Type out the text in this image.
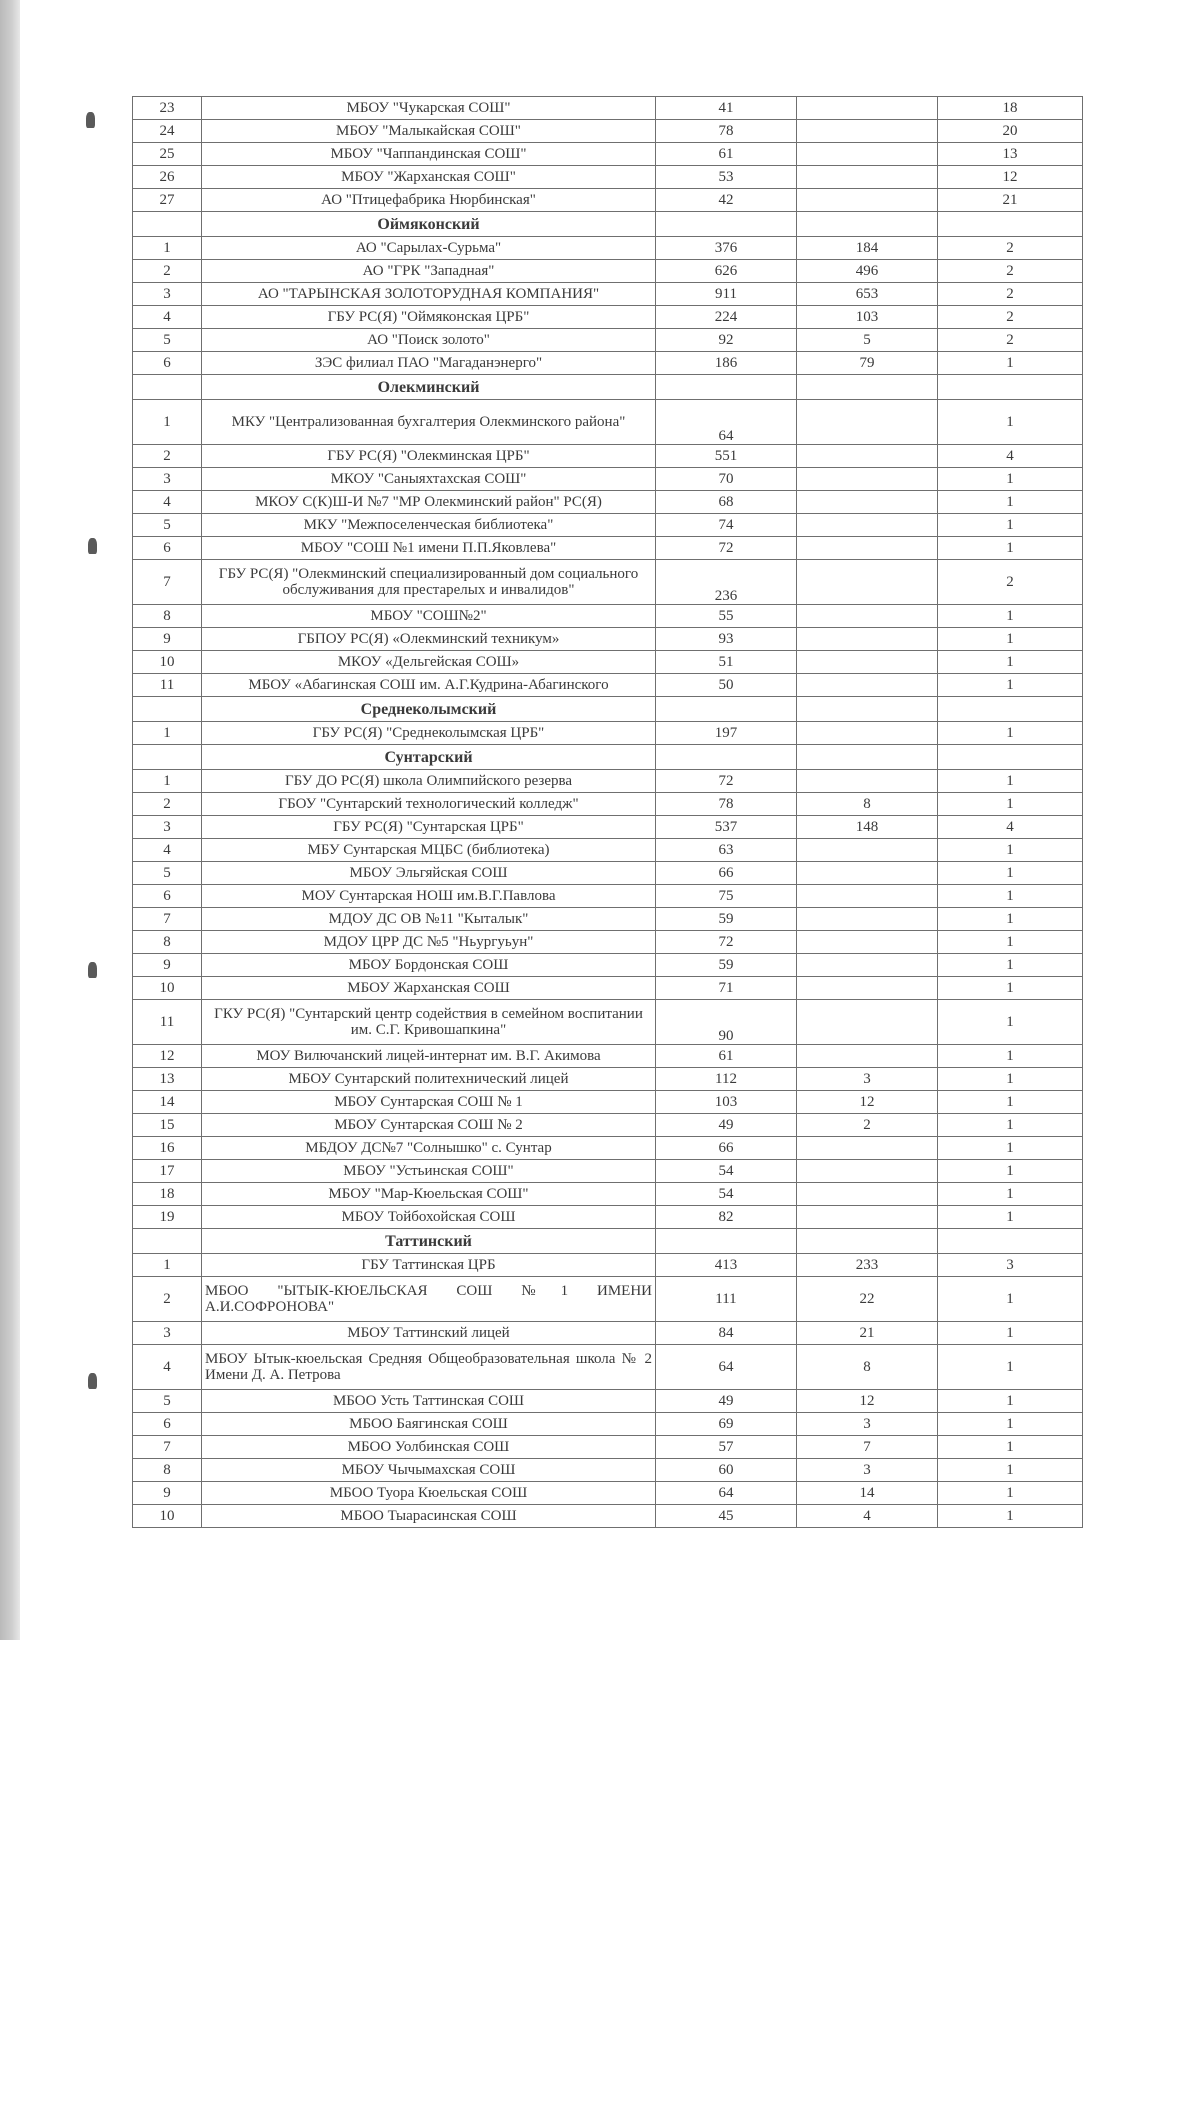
23	МБОУ "Чукарская СОШ"	41		18
24	МБОУ "Малыкайская СОШ"	78		20
25	МБОУ "Чаппандинская СОШ"	61		13
26	МБОУ "Жарханская СОШ"	53		12
27	АО "Птицефабрика Нюрбинская"	42		21
	Оймяконский			
1	АО "Сарылах-Сурьма"	376	184	2
2	АО "ГРК "Западная"	626	496	2
3	АО "ТАРЫНСКАЯ ЗОЛОТОРУДНАЯ КОМПАНИЯ"	911	653	2
4	ГБУ РС(Я) "Оймяконская ЦРБ"	224	103	2
5	АО "Поиск золото"	92	5	2
6	ЗЭС филиал ПАО "Магаданэнерго"	186	79	1
	Олекминский			
1	МКУ "Централизованная бухгалтерия Олекминского района"	64		1
2	ГБУ РС(Я) "Олекминская ЦРБ"	551		4
3	МКОУ "Саныяхтахская СОШ"	70		1
4	МКОУ С(К)Ш-И №7 "МР Олекминский район" РС(Я)	68		1
5	МКУ "Межпоселенческая библиотека"	74		1
6	МБОУ "СОШ №1 имени П.П.Яковлева"	72		1
7	ГБУ РС(Я) "Олекминский специализированный дом социального обслуживания для престарелых и инвалидов"	236		2
8	МБОУ "СОШ№2"	55		1
9	ГБПОУ РС(Я) «Олекминский техникум»	93		1
10	МКОУ «Дельгейская СОШ»	51		1
11	МБОУ «Абагинская СОШ им. А.Г.Кудрина-Абагинского	50		1
	Среднеколымский			
1	ГБУ РС(Я) "Среднеколымская ЦРБ"	197		1
	Сунтарский			
1	ГБУ ДО РС(Я) школа Олимпийского резерва	72		1
2	ГБОУ "Сунтарский технологический колледж"	78	8	1
3	ГБУ РС(Я) "Сунтарская ЦРБ"	537	148	4
4	МБУ Сунтарская МЦБС (библиотека)	63		1
5	МБОУ Эльгяйская СОШ	66		1
6	МОУ Сунтарская НОШ им.В.Г.Павлова	75		1
7	МДОУ ДС ОВ №11 "Кыталык"	59		1
8	МДОУ ЦРР ДС №5 "Ньургуьун"	72		1
9	МБОУ Бордонская СОШ	59		1
10	МБОУ Жарханская СОШ	71		1
11	ГКУ РС(Я) "Сунтарский центр содействия в семейном воспитании им. С.Г. Кривошапкина"	90		1
12	МОУ Вилючанский лицей-интернат им. В.Г. Акимова	61		1
13	МБОУ Сунтарский политехнический лицей	112	3	1
14	МБОУ Сунтарская СОШ № 1	103	12	1
15	МБОУ Сунтарская СОШ № 2	49	2	1
16	МБДОУ ДС№7 "Солнышко" с. Сунтар	66		1
17	МБОУ "Устьинская СОШ"	54		1
18	МБОУ "Мар-Кюельская СОШ"	54		1
19	МБОУ Тойбохойская СОШ	82		1
	Таттинский			
1	ГБУ Таттинская ЦРБ	413	233	3
2	МБОО "ЫТЫК-КЮЕЛЬСКАЯ СОШ №1 ИМЕНИ А.И.СОФРОНОВА"	111	22	1
3	МБОУ Таттинский лицей	84	21	1
4	МБОУ Ытык-кюельская Средняя Общеобразовательная школа № 2 Имени Д. А. Петрова	64	8	1
5	МБОО Усть Таттинская СОШ	49	12	1
6	МБОО Баягинская СОШ	69	3	1
7	МБОО Уолбинская СОШ	57	7	1
8	МБОУ Чычымахская СОШ	60	3	1
9	МБОО Туора Кюельская СОШ	64	14	1
10	МБОО Тыарасинская СОШ	45	4	1
